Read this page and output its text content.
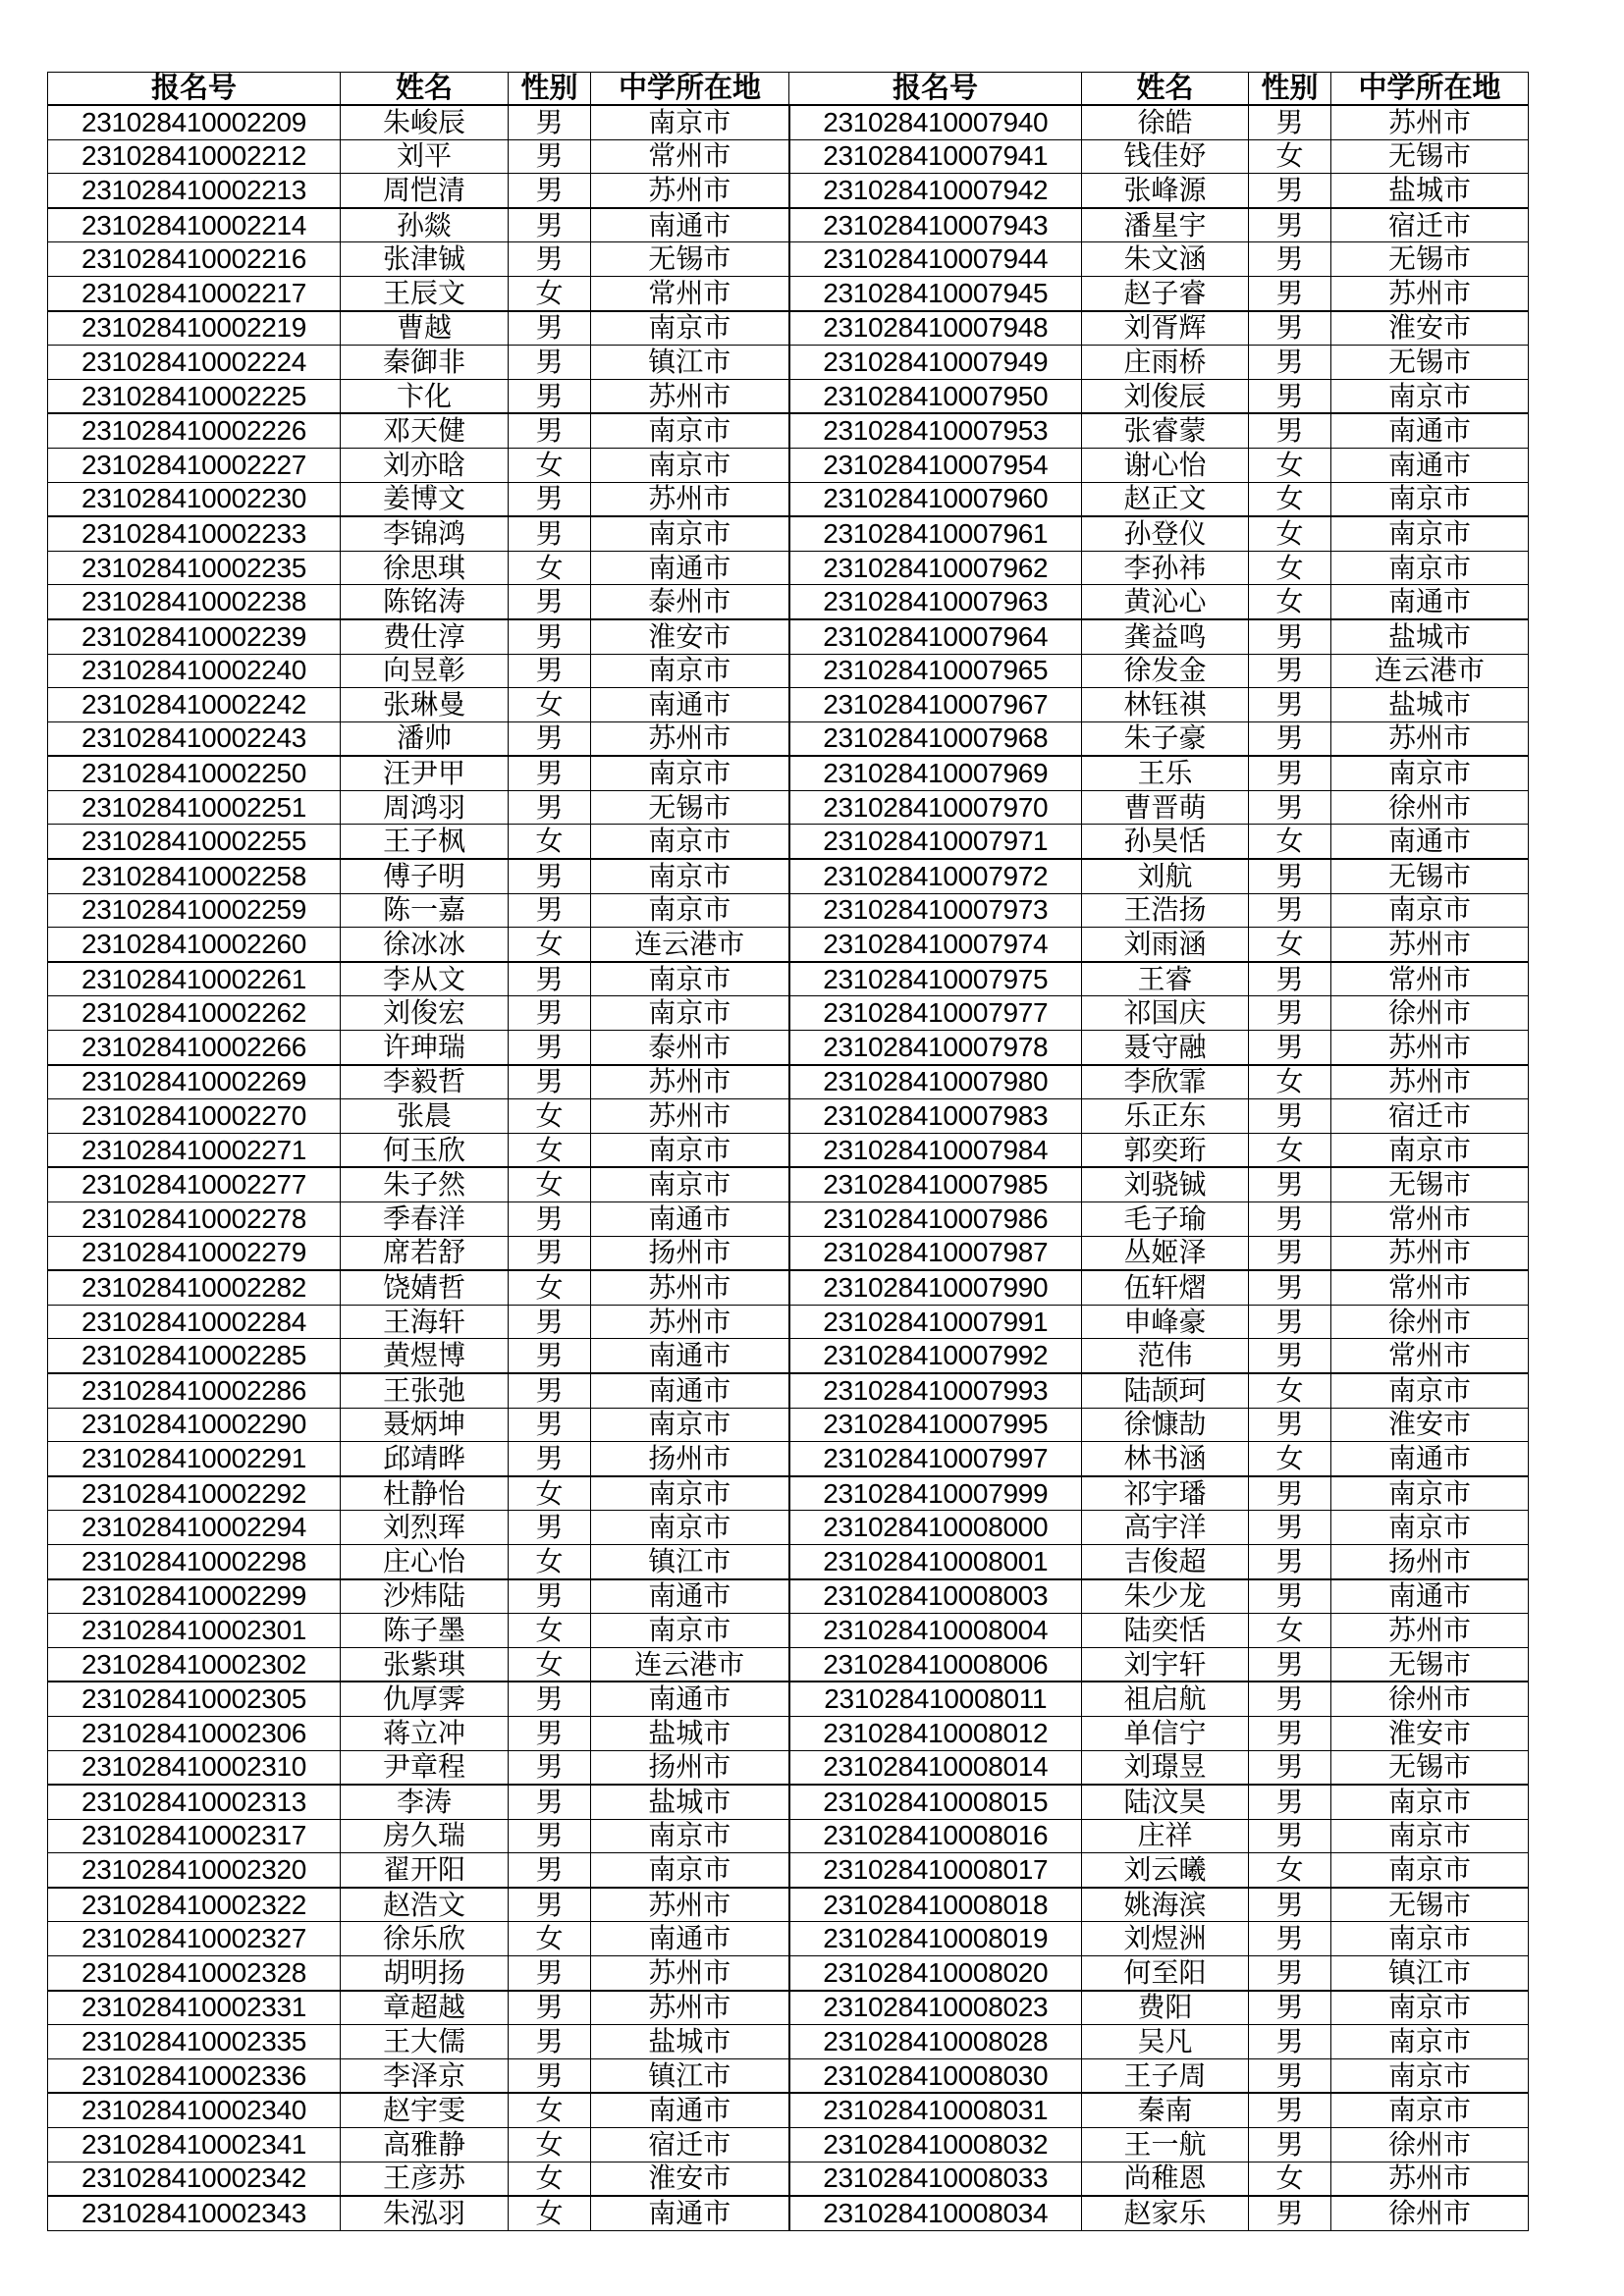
报名号	姓名	性别	中学所在地	报名号	姓名	性别	中学所在地
231028410002209	朱峻辰	男	南京市	231028410007940	徐皓	男	苏州市
231028410002212	刘平	男	常州市	231028410007941	钱佳妤	女	无锡市
231028410002213	周恺清	男	苏州市	231028410007942	张峰源	男	盐城市
231028410002214	孙燚	男	南通市	231028410007943	潘星宇	男	宿迁市
231028410002216	张津铖	男	无锡市	231028410007944	朱文涵	男	无锡市
231028410002217	王辰文	女	常州市	231028410007945	赵子睿	男	苏州市
231028410002219	曹越	男	南京市	231028410007948	刘胥辉	男	淮安市
231028410002224	秦御非	男	镇江市	231028410007949	庄雨桥	男	无锡市
231028410002225	卞化	男	苏州市	231028410007950	刘俊辰	男	南京市
231028410002226	邓天健	男	南京市	231028410007953	张睿蒙	男	南通市
231028410002227	刘亦晗	女	南京市	231028410007954	谢心怡	女	南通市
231028410002230	姜博文	男	苏州市	231028410007960	赵正文	女	南京市
231028410002233	李锦鸿	男	南京市	231028410007961	孙登仪	女	南京市
231028410002235	徐思琪	女	南通市	231028410007962	李孙祎	女	南京市
231028410002238	陈铭涛	男	泰州市	231028410007963	黄沁心	女	南通市
231028410002239	费仕淳	男	淮安市	231028410007964	龚益鸣	男	盐城市
231028410002240	向昱彰	男	南京市	231028410007965	徐发金	男	连云港市
231028410002242	张琳曼	女	南通市	231028410007967	林钰祺	男	盐城市
231028410002243	潘帅	男	苏州市	231028410007968	朱子豪	男	苏州市
231028410002250	汪尹甲	男	南京市	231028410007969	王乐	男	南京市
231028410002251	周鸿羽	男	无锡市	231028410007970	曹晋萌	男	徐州市
231028410002255	王子枫	女	南京市	231028410007971	孙昊恬	女	南通市
231028410002258	傅子明	男	南京市	231028410007972	刘航	男	无锡市
231028410002259	陈一嘉	男	南京市	231028410007973	王浩扬	男	南京市
231028410002260	徐冰冰	女	连云港市	231028410007974	刘雨涵	女	苏州市
231028410002261	李从文	男	南京市	231028410007975	王睿	男	常州市
231028410002262	刘俊宏	男	南京市	231028410007977	祁国庆	男	徐州市
231028410002266	许珅瑞	男	泰州市	231028410007978	聂守融	男	苏州市
231028410002269	李毅哲	男	苏州市	231028410007980	李欣霏	女	苏州市
231028410002270	张晨	女	苏州市	231028410007983	乐正东	男	宿迁市
231028410002271	何玉欣	女	南京市	231028410007984	郭奕珩	女	南京市
231028410002277	朱子然	女	南京市	231028410007985	刘骁铖	男	无锡市
231028410002278	季春洋	男	南通市	231028410007986	毛子瑜	男	常州市
231028410002279	席若舒	男	扬州市	231028410007987	丛姬泽	男	苏州市
231028410002282	饶婧哲	女	苏州市	231028410007990	伍轩熠	男	常州市
231028410002284	王海轩	男	苏州市	231028410007991	申峰豪	男	徐州市
231028410002285	黄煜博	男	南通市	231028410007992	范伟	男	常州市
231028410002286	王张弛	男	南通市	231028410007993	陆颉珂	女	南京市
231028410002290	聂炳坤	男	南京市	231028410007995	徐慷劼	男	淮安市
231028410002291	邱靖晔	男	扬州市	231028410007997	林书涵	女	南通市
231028410002292	杜静怡	女	南京市	231028410007999	祁宇璠	男	南京市
231028410002294	刘烈珲	男	南京市	231028410008000	高宇洋	男	南京市
231028410002298	庄心怡	女	镇江市	231028410008001	吉俊超	男	扬州市
231028410002299	沙炜陆	男	南通市	231028410008003	朱少龙	男	南通市
231028410002301	陈子墨	女	南京市	231028410008004	陆奕恬	女	苏州市
231028410002302	张紫琪	女	连云港市	231028410008006	刘宇轩	男	无锡市
231028410002305	仇厚霁	男	南通市	231028410008011	祖启航	男	徐州市
231028410002306	蒋立冲	男	盐城市	231028410008012	单信宁	男	淮安市
231028410002310	尹章程	男	扬州市	231028410008014	刘璟昱	男	无锡市
231028410002313	李涛	男	盐城市	231028410008015	陆汶昊	男	南京市
231028410002317	房久瑞	男	南京市	231028410008016	庄祥	男	南京市
231028410002320	翟开阳	男	南京市	231028410008017	刘云曦	女	南京市
231028410002322	赵浩文	男	苏州市	231028410008018	姚海滨	男	无锡市
231028410002327	徐乐欣	女	南通市	231028410008019	刘煜洲	男	南京市
231028410002328	胡明扬	男	苏州市	231028410008020	何至阳	男	镇江市
231028410002331	章超越	男	苏州市	231028410008023	费阳	男	南京市
231028410002335	王大儒	男	盐城市	231028410008028	吴凡	男	南京市
231028410002336	李泽京	男	镇江市	231028410008030	王子周	男	南京市
231028410002340	赵宇雯	女	南通市	231028410008031	秦南	男	南京市
231028410002341	高雅静	女	宿迁市	231028410008032	王一航	男	徐州市
231028410002342	王彦苏	女	淮安市	231028410008033	尚稚恩	女	苏州市
231028410002343	朱泓羽	女	南通市	231028410008034	赵家乐	男	徐州市
